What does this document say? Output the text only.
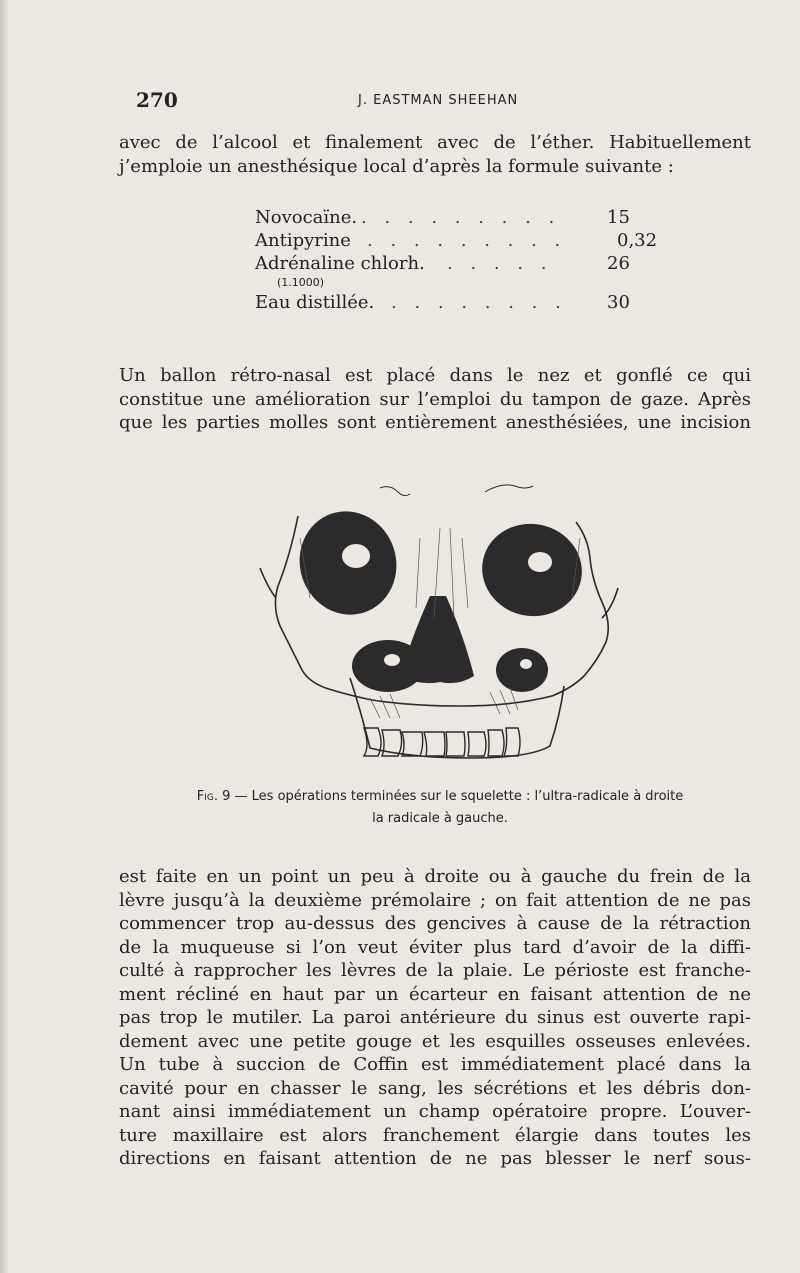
270	J. EASTMAN SHEEHAN
avec de l’alcool et finalement avec de l’éther. Habituellement
j’emploie un anesthésique local d’après la formule suivante :
Novocaïne. . . . . . . . . .	15
Antipyrine . . . . . . . . .	0,32
Adrénaline chlorh. . . . . .	26
(1.1000)
Eau distillée. . . . . . . . . 30
Un ballon rétro-nasal est placé dans le nez et gonflé ce qui
constitue une amélioration sur l’emploi du tampon de gaze. Après
que les parties molles sont entièrement anesthésiées, une incision
Fig. 9 — Les opérations terminées sur le squelette : l’ultra-radicale à droite
la radicale à gauche.
est faite en un point un peu à droite ou à gauche du frein de la
lèvre jusqu’à la deuxième prémolaire ; on fait attention de ne pas
commencer trop au-dessus des gencives à cause de la rétraction
de la muqueuse si l’on veut éviter plus tard d’avoir de la diffi-
culté à rapprocher les lèvres de la plaie. Le périoste est franche-
ment récliné en haut par un écarteur en faisant attention de ne
pas trop le mutiler. La paroi antérieure du sinus est ouverte rapi-
dement avec une petite gouge et les esquilles osseuses enlevées.
Un tube à succion de Coffin est immédiatement placé dans la
cavité pour en chasser le sang, les sécrétions et les débris don-
nant ainsi immédiatement un champ opératoire propre. L’ouver-
ture maxillaire est alors franchement élargie dans toutes les
directions en faisant attention de ne pas blesser le nerf sous-
